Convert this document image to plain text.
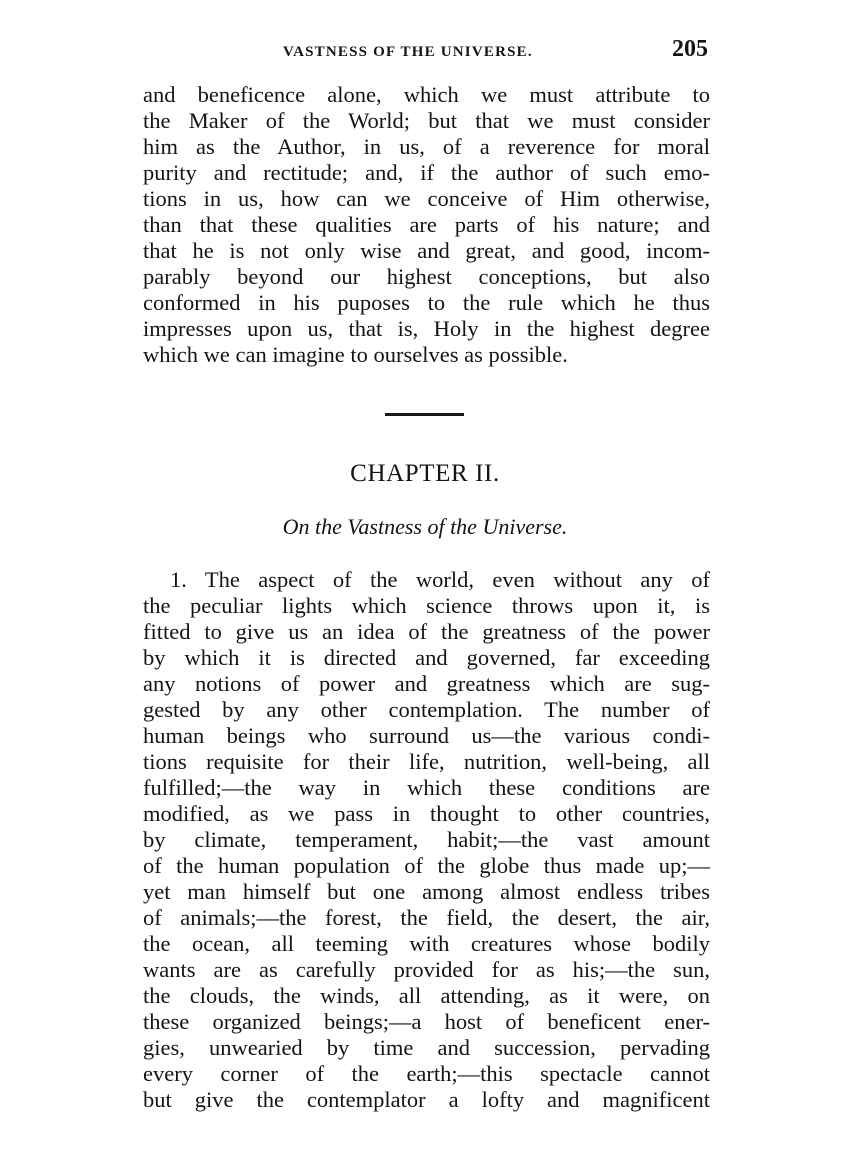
VASTNESS OF THE UNIVERSE.	205
and beneficence alone, which we must attribute to
the Maker of the World; but that we must consider
him as the Author, in us, of a reverence for moral
purity and rectitude; and, if the author of such emo-
tions in us, how can we conceive of Him otherwise,
than that these qualities are parts of his nature; and
that he is not only wise and great, and good, incom-
parably beyond our highest conceptions, but also
conformed in his puposes to the rule which he thus
impresses upon us, that is, Holy in the highest degree
which we can imagine to ourselves as possible.
CHAPTER II.
On the Vastness of the Universe.
1. The aspect of the world, even without any of
the peculiar lights which science throws upon it, is
fitted to give us an idea of the greatness of the power
by which it is directed and governed, far exceeding
any notions of power and greatness which are sug-
gested by any other contemplation. The number of
human beings who surround us—the various condi-
tions requisite for their life, nutrition, well-being, all
fulfilled;—the way in which these conditions are
modified, as we pass in thought to other countries,
by climate, temperament, habit;—the vast amount
of the human population of the globe thus made up;—
yet man himself but one among almost endless tribes
of animals;—the forest, the field, the desert, the air,
the ocean, all teeming with creatures whose bodily
wants are as carefully provided for as his;—the sun,
the clouds, the winds, all attending, as it were, on
these organized beings;—a host of beneficent ener-
gies, unwearied by time and succession, pervading
every corner of the earth;—this spectacle cannot
but give the contemplator a lofty and magnificent
